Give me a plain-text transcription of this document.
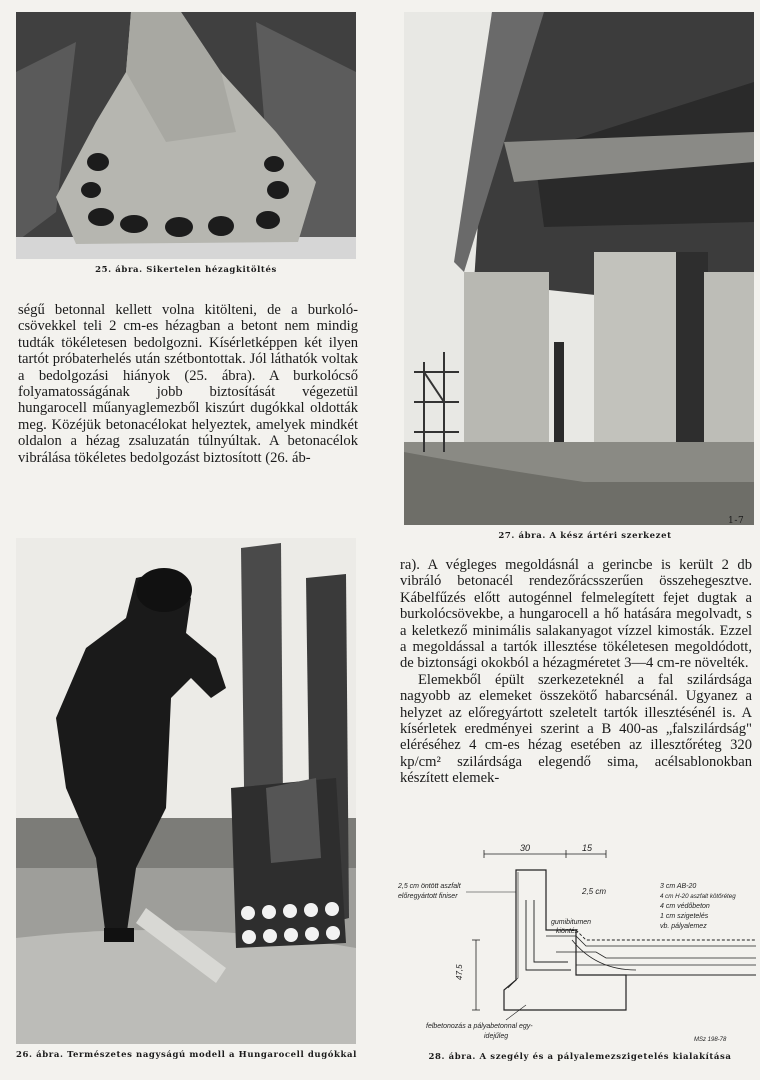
25. ábra. Sikertelen hézagkitöltés
27. ábra. A kész ártéri szerkezet
1-7

ségű betonnal kellett volna kitölteni, de a burkoló-csövekkel teli 2 cm-es hézagban a betont nem mindig tudták tökéletesen bedolgozni. Kísérletképpen két ilyen tartót próbaterhelés után szétbontottak. Jól láthatók voltak a bedolgozási hiányok (25. ábra). A burkolócső folyamatosságának jobb biztosítását végezetül hungarocell műanyaglemezből kiszúrt dugókkal oldották meg. Közéjük betonacélokat helyeztek, amelyek mindkét oldalon a hézag zsaluzatán túlnyúltak. A betonacélok vibrálása tökéletes bedolgozást biztosított (26. áb-

26. ábra. Természetes nagyságú modell a Hungarocell dugókkal

ra). A végleges megoldásnál a gerincbe is került 2 db vibráló betonacél rendezőrácsszerűen összehegesztve. Kábelfűzés előtt autogénnel felmelegített fejet dugtak a burkolócsövekbe, a hungarocell a hő hatására megolvadt, s a keletkező minimális salakanyagot vízzel kimosták. Ezzel a megoldással a tartók illesztése tökéletesen megoldódott, de biztonsági okokból a hézagméretet 3—4 cm-re növelték.

Elemekből épült szerkezeteknél a fal szilárdsága nagyobb az elemeket összekötő habarcsénál. Ugyanez a helyzet az előregyártott szeletelt tartók illesztésénél is. A kísérletek eredményei szerint a B 400-as „falszilárdság" eléréséhez 4 cm-es hézag esetében az illesztőréteg 320 kp/cm² szilárdsága elegendő sima, acélsablonokban készített elemek-

30	15
47,5
2,5 cm öntött aszfalt
előregyártott finiser
2,5 cm
gumibitumen
kiöntés
3 cm AB-20
4 cm H-20 aszfalt kötőréteg
4 cm védőbeton
1 cm szigetelés
vb. pályalemez
felbetonozás a pályabetonnal egy-
idejűleg	MSz 198-78
28. ábra. A szegély és a pályalemezszigetelés kialakítása
